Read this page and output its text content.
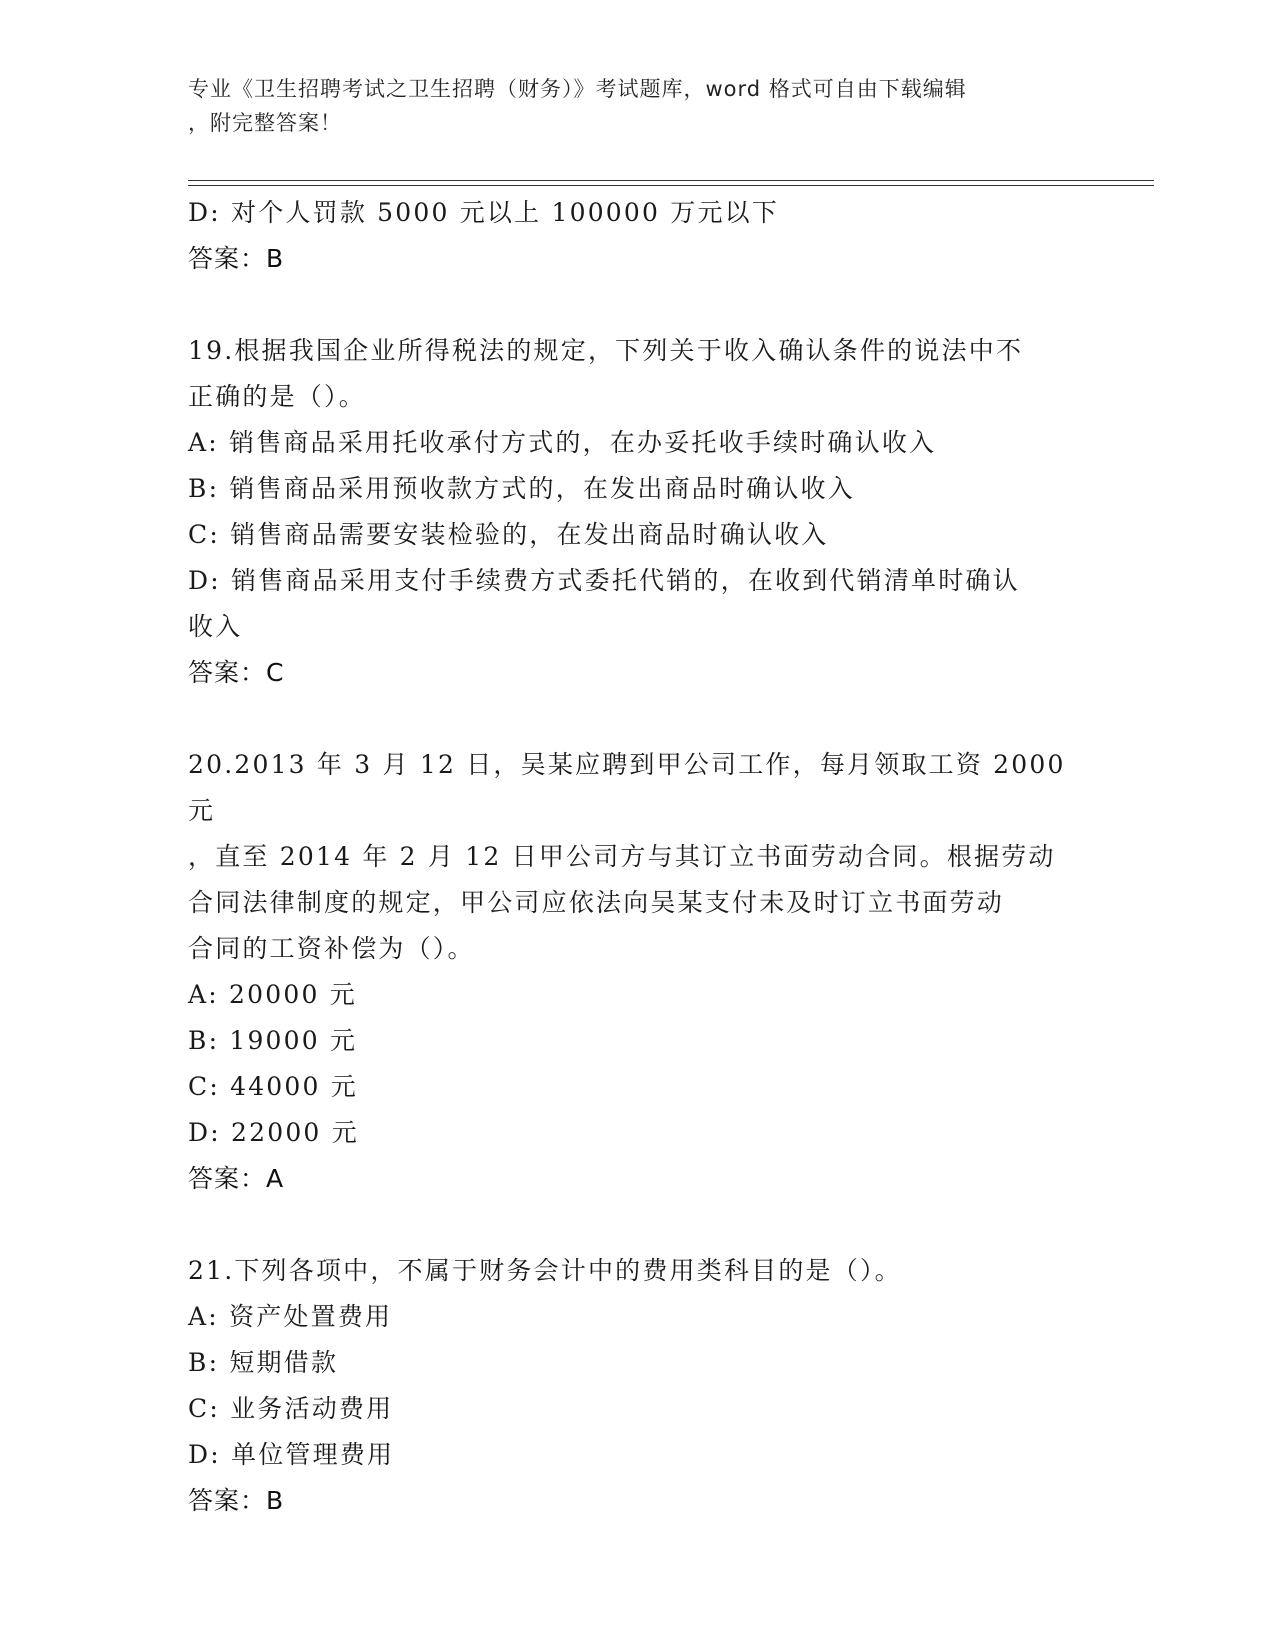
专业《卫生招聘考试之卫生招聘（财务）》考试题库，word 格式可自由下载编辑
，附完整答案！
D: 对个人罚款 5000 元以上 100000 万元以下
答案：B
19.根据我国企业所得税法的规定，下列关于收入确认条件的说法中不
正确的是（）。
A: 销售商品采用托收承付方式的，在办妥托收手续时确认收入
B: 销售商品采用预收款方式的，在发出商品时确认收入
C: 销售商品需要安装检验的，在发出商品时确认收入
D: 销售商品采用支付手续费方式委托代销的，在收到代销清单时确认
收入
答案：C
20.2013 年 3 月 12 日，吴某应聘到甲公司工作，每月领取工资 2000 元
，直至 2014 年 2 月 12 日甲公司方与其订立书面劳动合同。根据劳动
合同法律制度的规定，甲公司应依法向吴某支付未及时订立书面劳动
合同的工资补偿为（）。
A: 20000 元
B: 19000 元
C: 44000 元
D: 22000 元
答案：A
21.下列各项中，不属于财务会计中的费用类科目的是（）。
A: 资产处置费用
B: 短期借款
C: 业务活动费用
D: 单位管理费用
答案：B
